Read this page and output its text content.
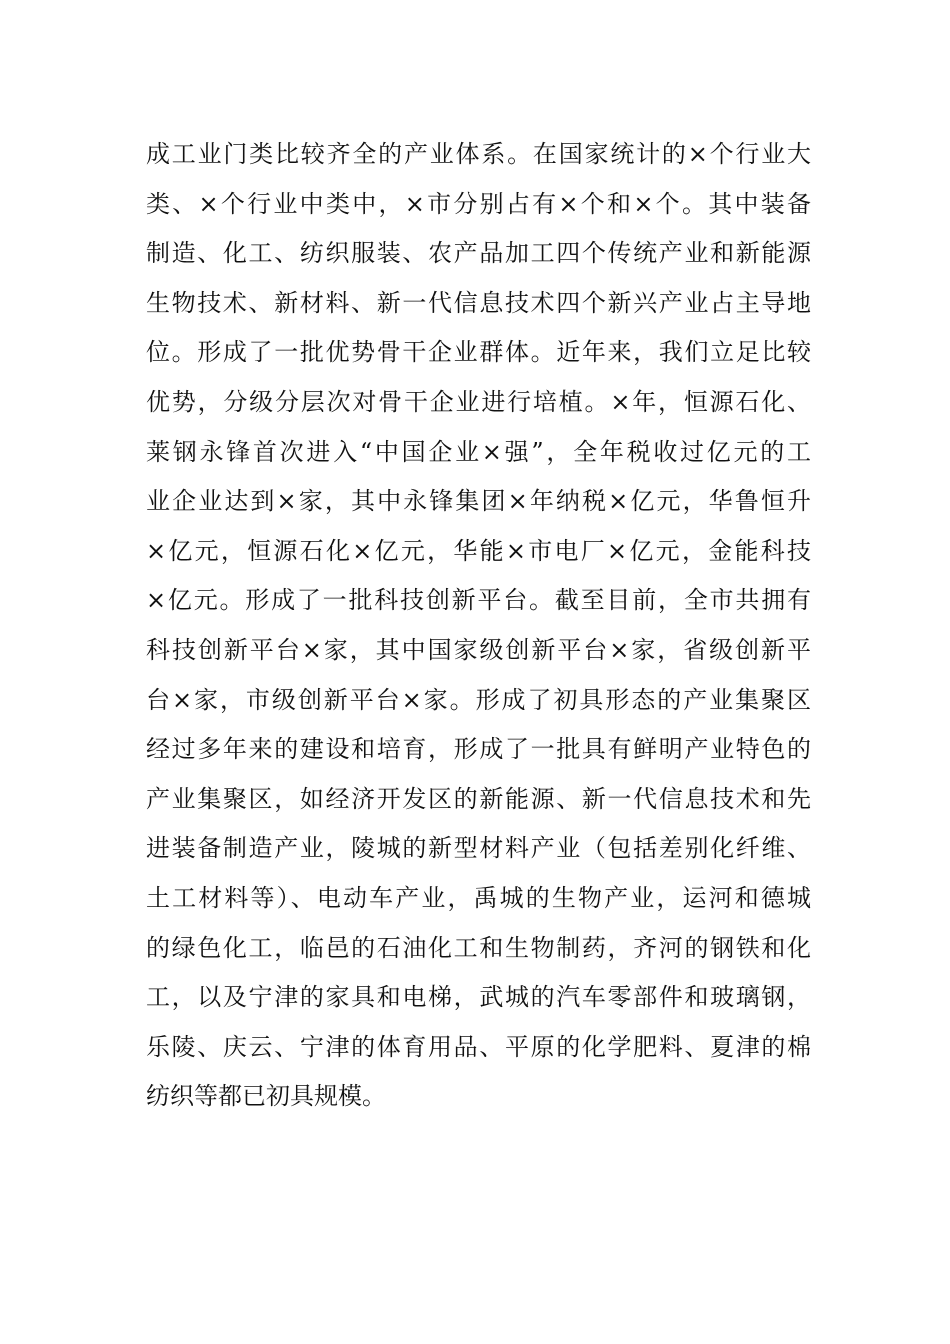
成工业门类比较齐全的产业体系。在国家统计的×个行业大
类、×个行业中类中，×市分别占有×个和×个。其中装备
制造、化工、纺织服装、农产品加工四个传统产业和新能源
生物技术、新材料、新一代信息技术四个新兴产业占主导地
位。形成了一批优势骨干企业群体。近年来，我们立足比较
优势，分级分层次对骨干企业进行培植。×年，恒源石化、
莱钢永锋首次进入“中国企业×强”，全年税收过亿元的工
业企业达到×家，其中永锋集团×年纳税×亿元，华鲁恒升
×亿元，恒源石化×亿元，华能×市电厂×亿元，金能科技
×亿元。形成了一批科技创新平台。截至目前，全市共拥有
科技创新平台×家，其中国家级创新平台×家，省级创新平
台×家，市级创新平台×家。形成了初具形态的产业集聚区
经过多年来的建设和培育，形成了一批具有鲜明产业特色的
产业集聚区，如经济开发区的新能源、新一代信息技术和先
进装备制造产业，陵城的新型材料产业（包括差别化纤维、
土工材料等）、电动车产业，禹城的生物产业，运河和德城
的绿色化工，临邑的石油化工和生物制药，齐河的钢铁和化
工，以及宁津的家具和电梯，武城的汽车零部件和玻璃钢，
乐陵、庆云、宁津的体育用品、平原的化学肥料、夏津的棉
纺织等都已初具规模。
